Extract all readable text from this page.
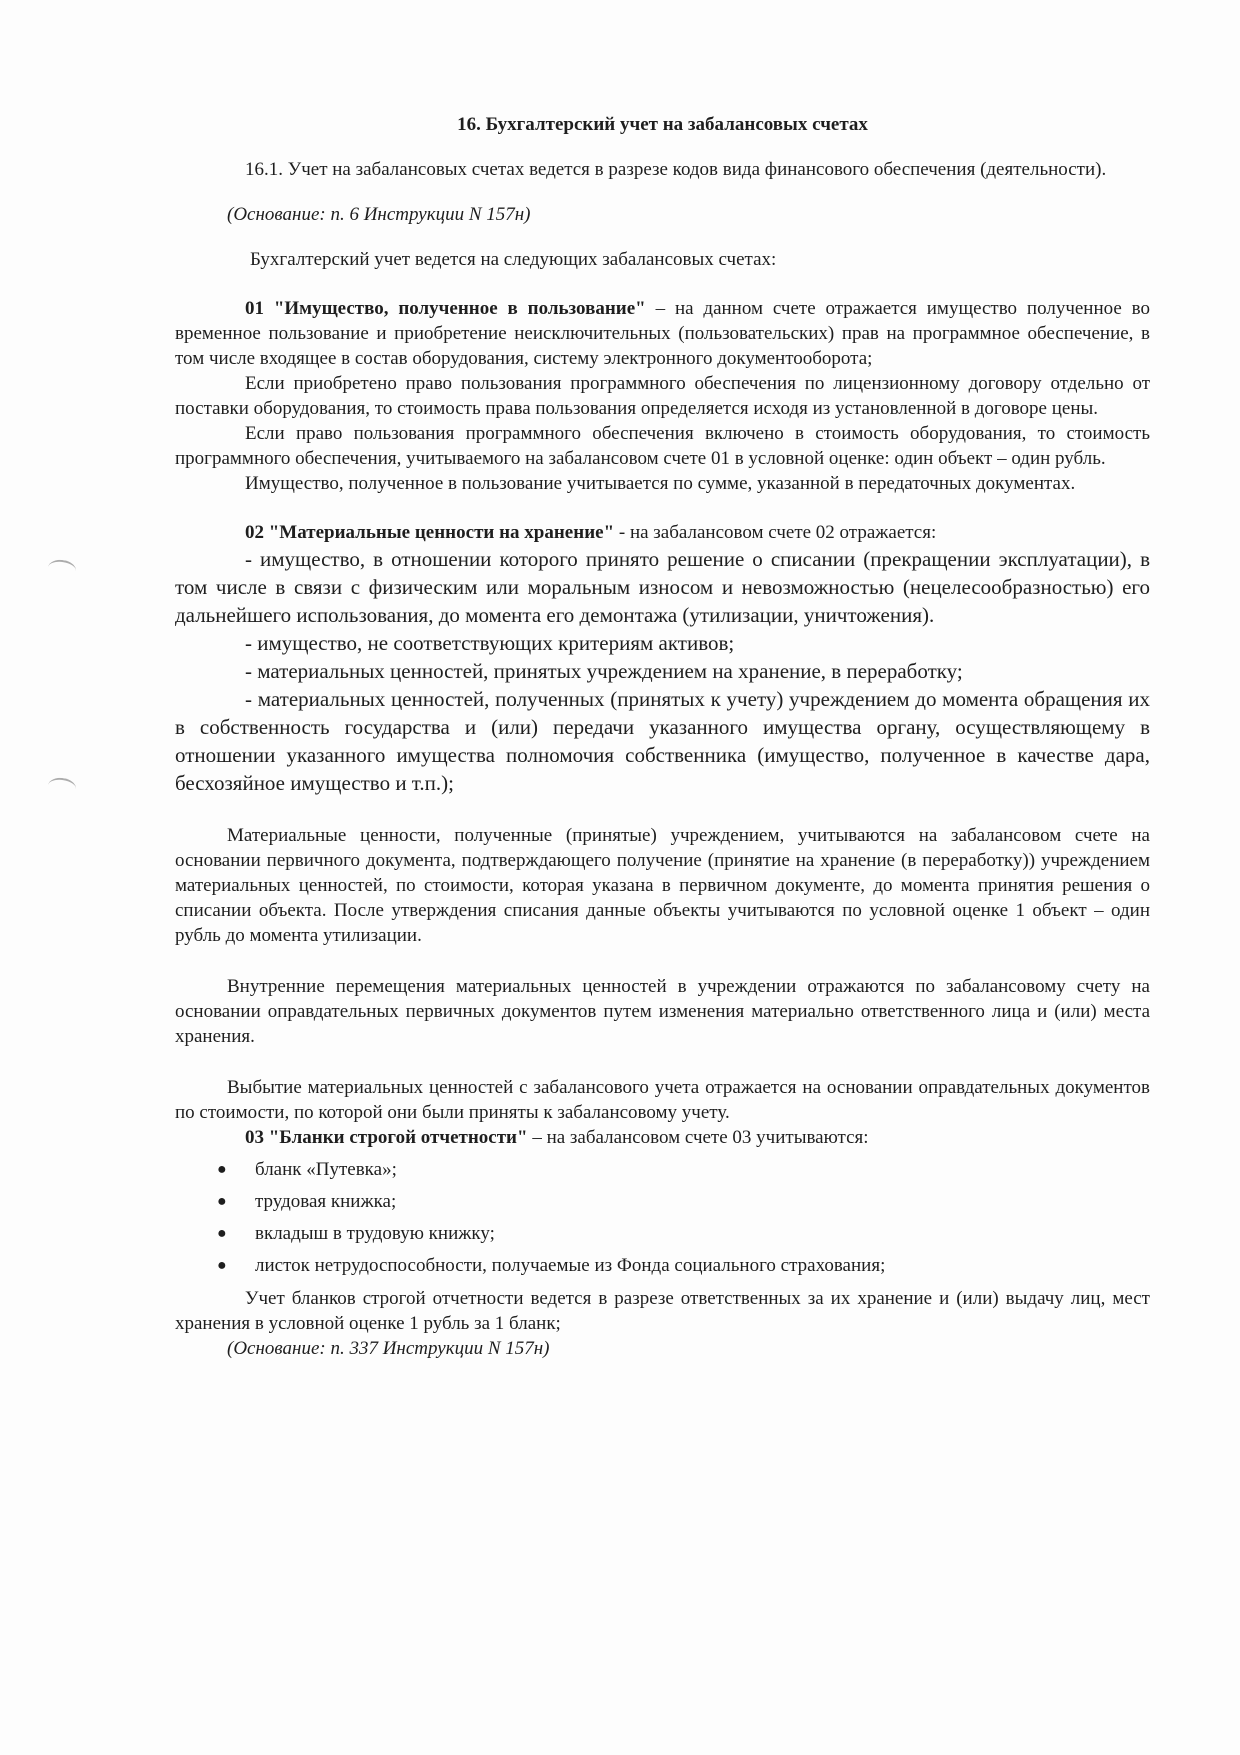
16. Бухгалтерский учет на забалансовых счетах

16.1. Учет на забалансовых счетах ведется в разрезе кодов вида финансового обеспечения (деятельности).

(Основание: п. 6 Инструкции N 157н)

Бухгалтерский учет ведется на следующих забалансовых счетах:

01 "Имущество, полученное в пользование" – на данном счете отражается имущество полученное во временное пользование и приобретение неисключительных (пользовательских) прав на программное обеспечение, в том числе входящее в состав оборудования, систему электронного документооборота;

Если приобретено право пользования программного обеспечения по лицензионному договору отдельно от поставки оборудования, то стоимость права пользования определяется исходя из установленной в договоре цены.

Если право пользования программного обеспечения включено в стоимость оборудования, то стоимость программного обеспечения, учитываемого на забалансовом счете 01 в условной оценке: один объект – один рубль.

Имущество, полученное в пользование учитывается по сумме, указанной в передаточных документах.

02 "Материальные ценности на хранение" - на забалансовом счете 02 отражается:

- имущество, в отношении которого принято решение о списании (прекращении эксплуатации), в том числе в связи с физическим или моральным износом и невозможностью (нецелесообразностью) его дальнейшего использования, до момента его демонтажа (утилизации, уничтожения).

- имущество, не соответствующих критериям активов;

- материальных ценностей, принятых учреждением на хранение, в переработку;

- материальных ценностей, полученных (принятых к учету) учреждением до момента обращения их в собственность государства и (или) передачи указанного имущества органу, осуществляющему в отношении указанного имущества полномочия собственника (имущество, полученное в качестве дара, бесхозяйное имущество и т.п.);

Материальные ценности, полученные (принятые) учреждением, учитываются на забалансовом счете на основании первичного документа, подтверждающего получение (принятие на хранение (в переработку)) учреждением материальных ценностей, по стоимости, которая указана в первичном документе, до момента принятия решения о списании объекта. После утверждения списания данные объекты учитываются по условной оценке 1 объект – один рубль до момента утилизации.

Внутренние перемещения материальных ценностей в учреждении отражаются по забалансовому счету на основании оправдательных первичных документов путем изменения материально ответственного лица и (или) места хранения.

Выбытие материальных ценностей с забалансового учета отражается на основании оправдательных документов по стоимости, по которой они были приняты к забалансовому учету.

03 "Бланки строгой отчетности" – на забалансовом счете 03 учитываются:

● бланк «Путевка»;
● трудовая книжка;
● вкладыш в трудовую книжку;
● листок нетрудоспособности, получаемые из Фонда социального страхования;

Учет бланков строгой отчетности ведется в разрезе ответственных за их хранение и (или) выдачу лиц, мест хранения в условной оценке 1 рубль за 1 бланк;

(Основание: п. 337 Инструкции N 157н)
